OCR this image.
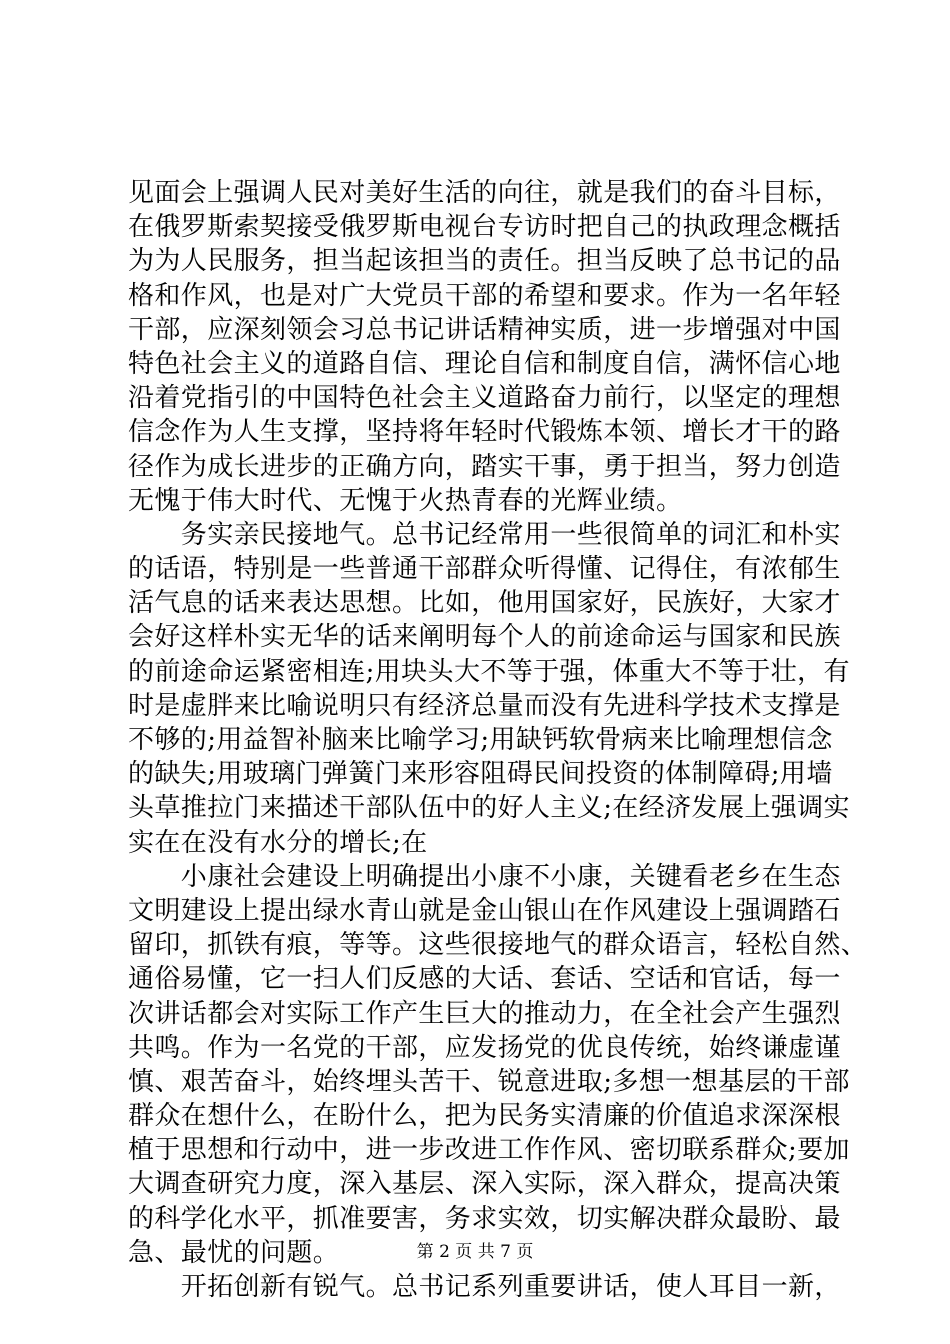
见面会上强调人民对美好生活的向往，就是我们的奋斗目标，
在俄罗斯索契接受俄罗斯电视台专访时把自己的执政理念概括
为为人民服务，担当起该担当的责任。担当反映了总书记的品
格和作风，也是对广大党员干部的希望和要求。作为一名年轻
干部，应深刻领会习总书记讲话精神实质，进一步增强对中国
特色社会主义的道路自信、理论自信和制度自信，满怀信心地
沿着党指引的中国特色社会主义道路奋力前行，以坚定的理想
信念作为人生支撑，坚持将年轻时代锻炼本领、增长才干的路
径作为成长进步的正确方向，踏实干事，勇于担当，努力创造
无愧于伟大时代、无愧于火热青春的光辉业绩。
　　务实亲民接地气。总书记经常用一些很简单的词汇和朴实
的话语，特别是一些普通干部群众听得懂、记得住，有浓郁生
活气息的话来表达思想。比如，他用国家好，民族好，大家才
会好这样朴实无华的话来阐明每个人的前途命运与国家和民族
的前途命运紧密相连;用块头大不等于强，体重大不等于壮，有
时是虚胖来比喻说明只有经济总量而没有先进科学技术支撑是
不够的;用益智补脑来比喻学习;用缺钙软骨病来比喻理想信念
的缺失;用玻璃门弹簧门来形容阻碍民间投资的体制障碍;用墙
头草推拉门来描述干部队伍中的好人主义;在经济发展上强调实
实在在没有水分的增长;在
　　小康社会建设上明确提出小康不小康，关键看老乡在生态
文明建设上提出绿水青山就是金山银山在作风建设上强调踏石
留印，抓铁有痕，等等。这些很接地气的群众语言，轻松自然、
通俗易懂，它一扫人们反感的大话、套话、空话和官话，每一
次讲话都会对实际工作产生巨大的推动力，在全社会产生强烈
共鸣。作为一名党的干部，应发扬党的优良传统，始终谦虚谨
慎、艰苦奋斗，始终埋头苦干、锐意进取;多想一想基层的干部
群众在想什么，在盼什么，把为民务实清廉的价值追求深深根
植于思想和行动中，进一步改进工作作风、密切联系群众;要加
大调查研究力度，深入基层、深入实际，深入群众，提高决策
的科学化水平，抓准要害，务求实效，切实解决群众最盼、最
急、最忧的问题。
　　开拓创新有锐气。总书记系列重要讲话，使人耳目一新，
第 2 页 共 7 页
